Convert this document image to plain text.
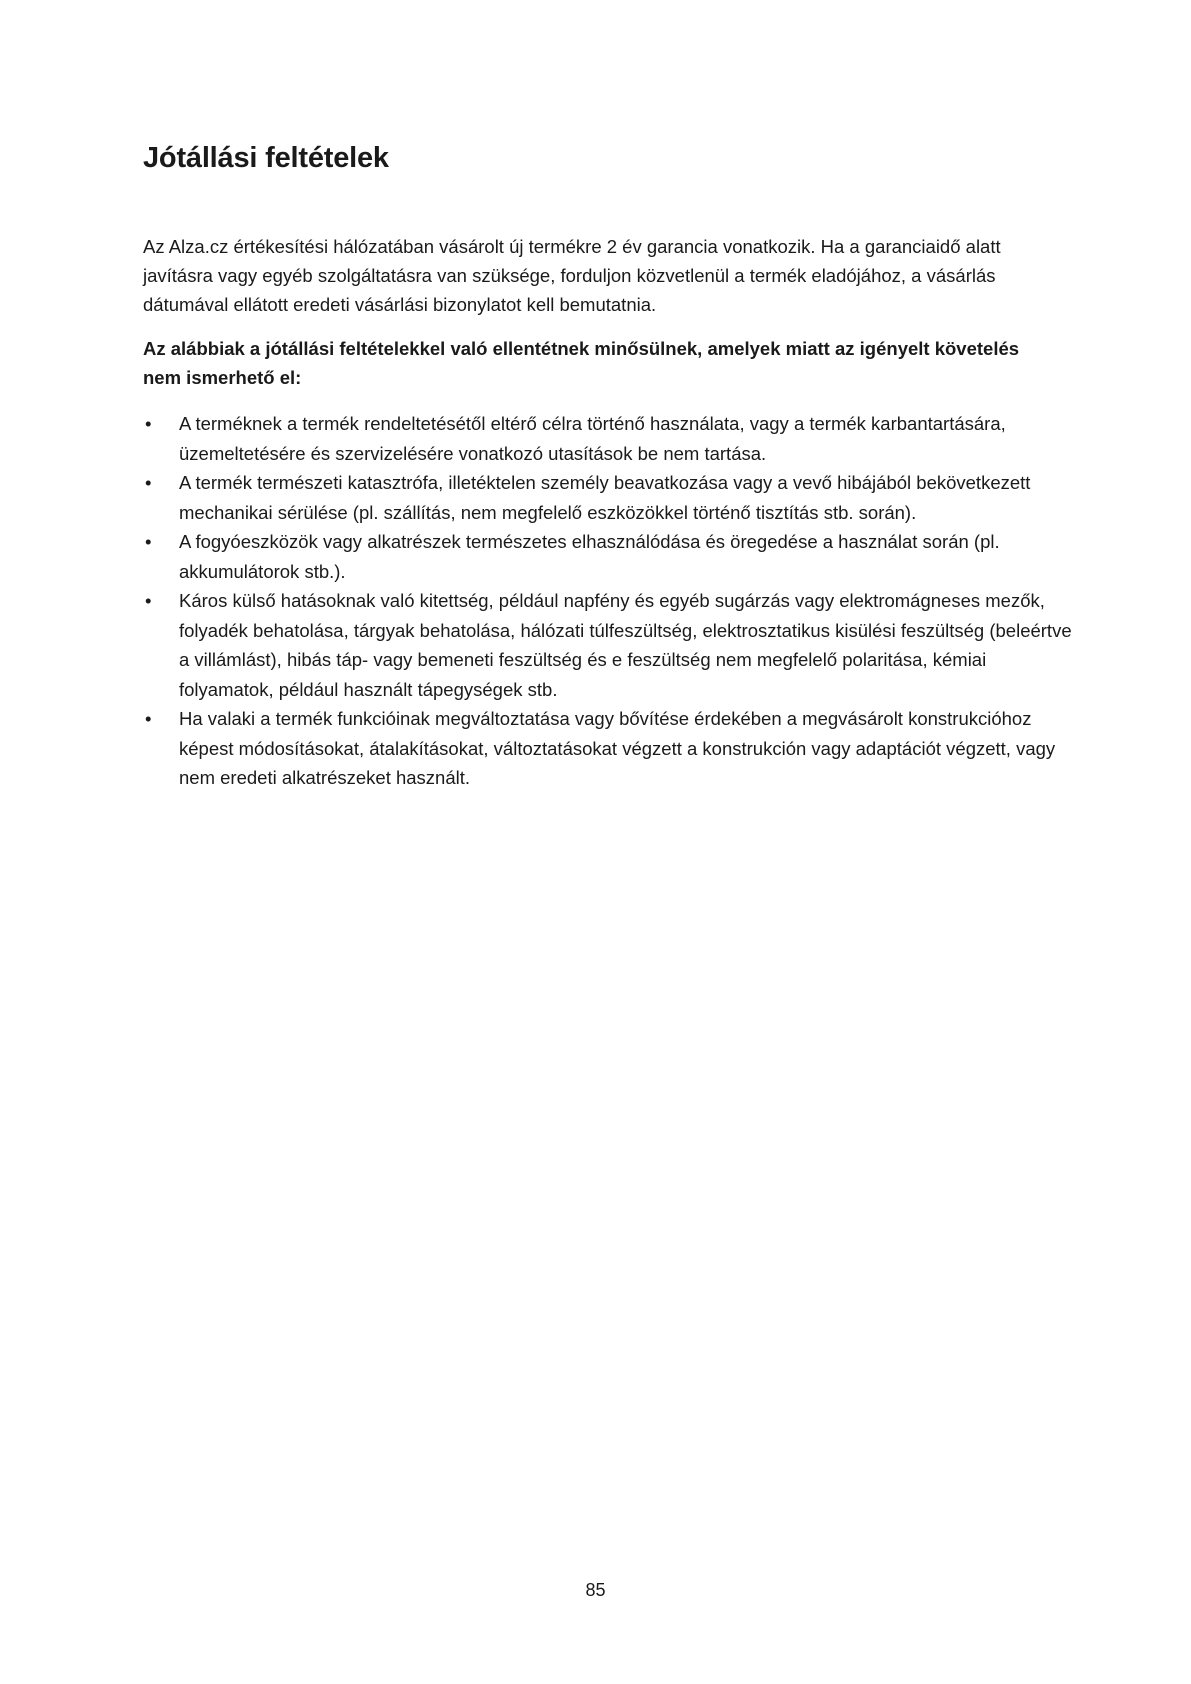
Jótállási feltételek

Az Alza.cz értékesítési hálózatában vásárolt új termékre 2 év garancia vonatkozik. Ha a garanciaidő alatt javításra vagy egyéb szolgáltatásra van szüksége, forduljon közvetlenül a termék eladójához, a vásárlás dátumával ellátott eredeti vásárlási bizonylatot kell bemutatnia.

Az alábbiak a jótállási feltételekkel való ellentétnek minősülnek, amelyek miatt az igényelt követelés nem ismerhető el:

•	A terméknek a termék rendeltetésétől eltérő célra történő használata, vagy a termék karbantartására, üzemeltetésére és szervizelésére vonatkozó utasítások be nem tartása.
•	A termék természeti katasztrófa, illetéktelen személy beavatkozása vagy a vevő hibájából bekövetkezett mechanikai sérülése (pl. szállítás, nem megfelelő eszközökkel történő tisztítás stb. során).
•	A fogyóeszközök vagy alkatrészek természetes elhasználódása és öregedése a használat során (pl. akkumulátorok stb.).
•	Káros külső hatásoknak való kitettség, például napfény és egyéb sugárzás vagy elektromágneses mezők, folyadék behatolása, tárgyak behatolása, hálózati túlfeszültség, elektrosztatikus kisülési feszültség (beleértve a villámlást), hibás táp- vagy bemeneti feszültség és e feszültség nem megfelelő polaritása, kémiai folyamatok, például használt tápegységek stb.
•	Ha valaki a termék funkcióinak megváltoztatása vagy bővítése érdekében a megvásárolt konstrukcióhoz képest módosításokat, átalakításokat, változtatásokat végzett a konstrukción vagy adaptációt végzett, vagy nem eredeti alkatrészeket használt.
85
